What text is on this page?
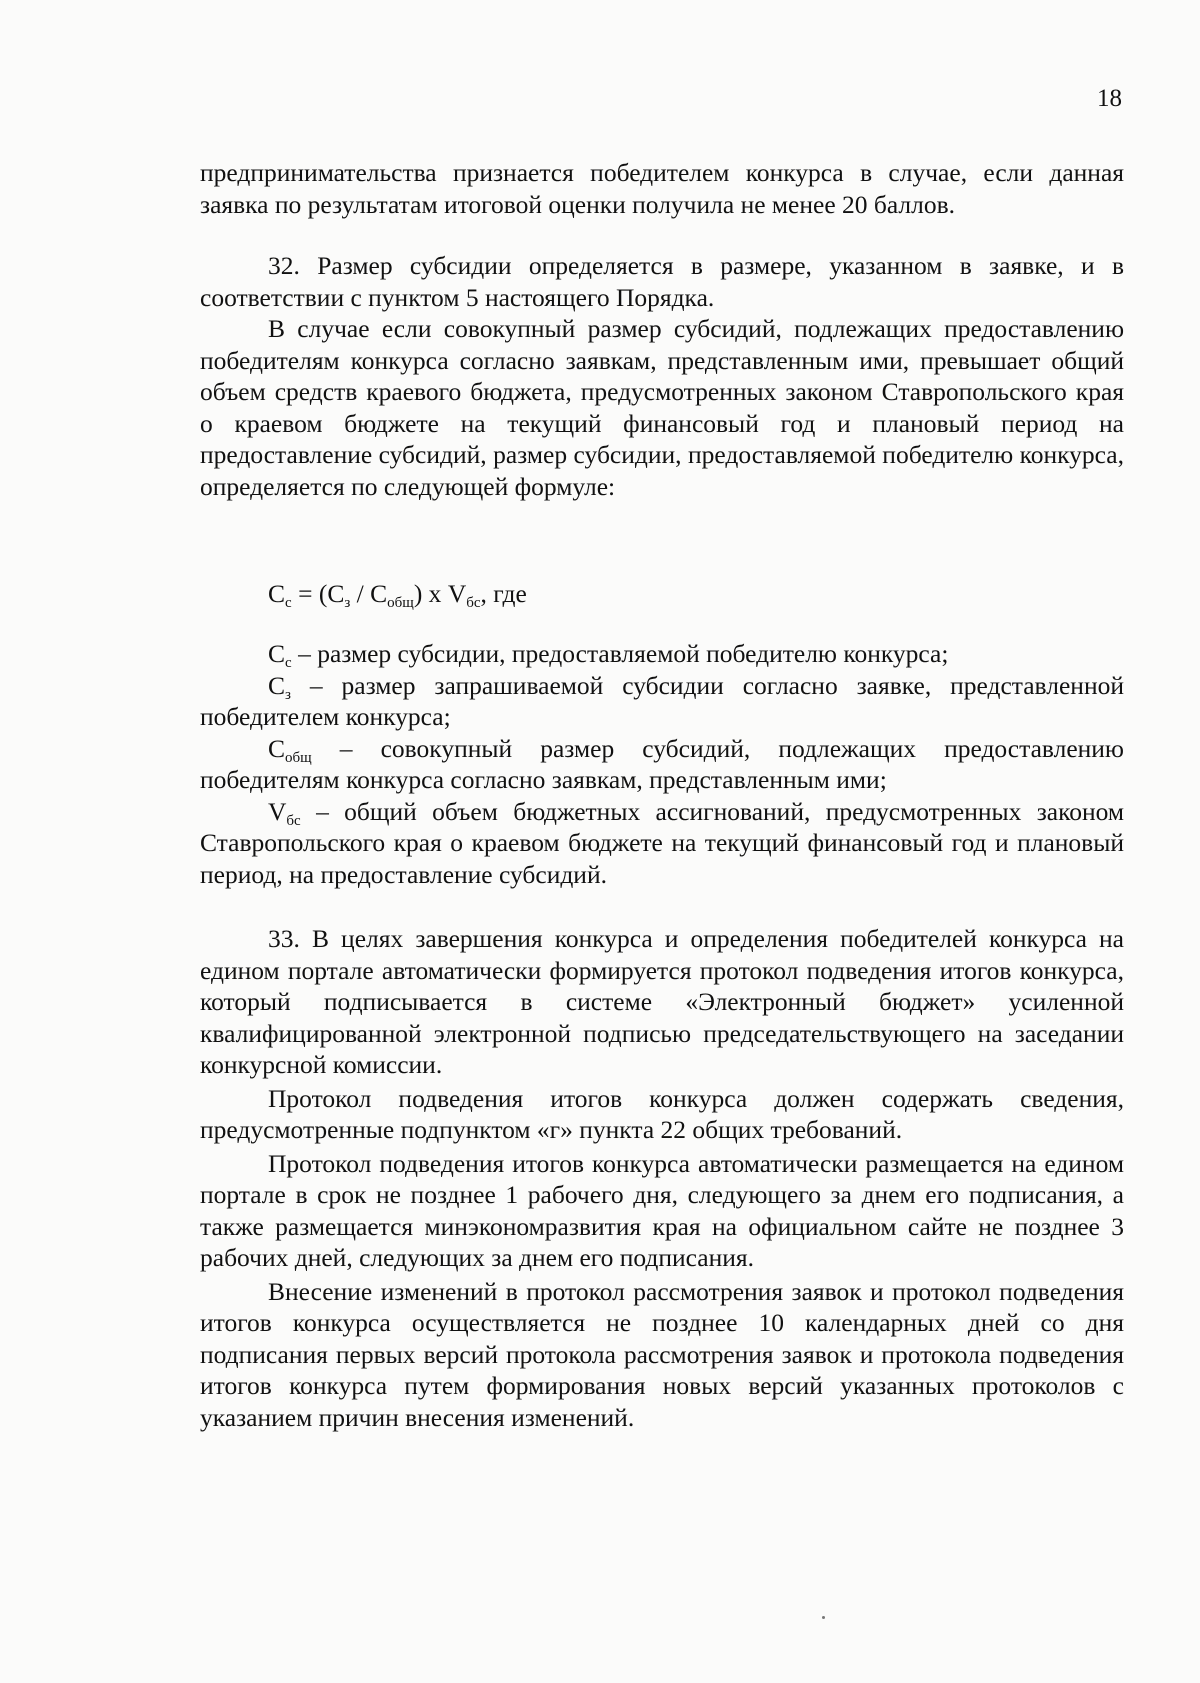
18

предпринимательства признается победителем конкурса в случае, если данная заявка по результатам итоговой оценки получила не менее 20 баллов.

32. Размер субсидии определяется в размере, указанном в заявке, и в соответствии с пунктом 5 настоящего Порядка.

В случае если совокупный размер субсидий, подлежащих предоставлению победителям конкурса согласно заявкам, представленным ими, превышает общий объем средств краевого бюджета, предусмотренных законом Ставропольского края о краевом бюджете на текущий финансовый год и плановый период на предоставление субсидий, размер субсидии, предоставляемой победителю конкурса, определяется по следующей формуле:

$С_с = (С_з / С_{общ})$ х $V_{бс}$, где

$С_с$ – размер субсидии, предоставляемой победителю конкурса;

$С_з$ – размер запрашиваемой субсидии согласно заявке, представленной победителем конкурса;

$С_{общ}$ – совокупный размер субсидий, подлежащих предоставлению победителям конкурса согласно заявкам, представленным ими;

$V_{бс}$ – общий объем бюджетных ассигнований, предусмотренных законом Ставропольского края о краевом бюджете на текущий финансовый год и плановый период, на предоставление субсидий.

33. В целях завершения конкурса и определения победителей конкурса на едином портале автоматически формируется протокол подведения итогов конкурса, который подписывается в системе «Электронный бюджет» усиленной квалифицированной электронной подписью председательствующего на заседании конкурсной комиссии.

Протокол подведения итогов конкурса должен содержать сведения, предусмотренные подпунктом «г» пункта 22 общих требований.

Протокол подведения итогов конкурса автоматически размещается на едином портале в срок не позднее 1 рабочего дня, следующего за днем его подписания, а также размещается минэкономразвития края на официальном сайте не позднее 3 рабочих дней, следующих за днем его подписания.

Внесение изменений в протокол рассмотрения заявок и протокол подведения итогов конкурса осуществляется не позднее 10 календарных дней со дня подписания первых версий протокола рассмотрения заявок и протокола подведения итогов конкурса путем формирования новых версий указанных протоколов с указанием причин внесения изменений.
